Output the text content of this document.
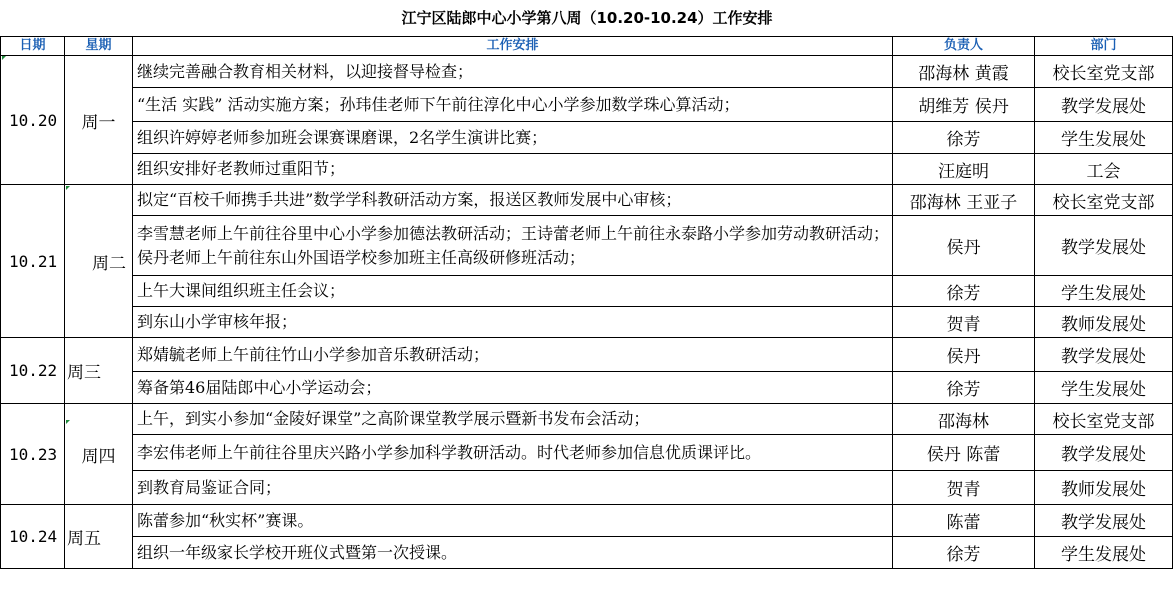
江宁区陆郎中心小学第八周（10.20-10.24）工作安排
日期	星期	工作安排	负责人	部门
10.20	周一	继续完善融合教育相关材料，以迎接督导检查；	邵海林 黄霞	校长室党支部
		“生活 实践” 活动实施方案；孙玮佳老师下午前往淳化中心小学参加数学珠心算活动；	胡维芳 侯丹	教学发展处
		组织许婷婷老师参加班会课赛课磨课，2名学生演讲比赛；	徐芳	学生发展处
		组织安排好老教师过重阳节；	汪庭明	工会
10.21	周二	拟定“百校千师携手共进”数学学科教研活动方案，报送区教师发展中心审核；	邵海林 王亚子	校长室党支部
		李雪慧老师上午前往谷里中心小学参加德法教研活动；王诗蕾老师上午前往永泰路小学参加劳动教研活动；侯丹老师上午前往东山外国语学校参加班主任高级研修班活动；	侯丹	教学发展处
		上午大课间组织班主任会议；	徐芳	学生发展处
		到东山小学审核年报；	贺青	教师发展处
10.22	周三	郑婧毓老师上午前往竹山小学参加音乐教研活动；	侯丹	教学发展处
		筹备第46届陆郎中心小学运动会；	徐芳	学生发展处
10.23	周四	上午，到实小参加“金陵好课堂”之高阶课堂教学展示暨新书发布会活动；	邵海林	校长室党支部
		李宏伟老师上午前往谷里庆兴路小学参加科学教研活动。时代老师参加信息优质课评比。	侯丹 陈蕾	教学发展处
		到教育局鉴证合同；	贺青	教师发展处
10.24	周五	陈蕾参加“秋实杯”赛课。	陈蕾	教学发展处
		组织一年级家长学校开班仪式暨第一次授课。	徐芳	学生发展处
